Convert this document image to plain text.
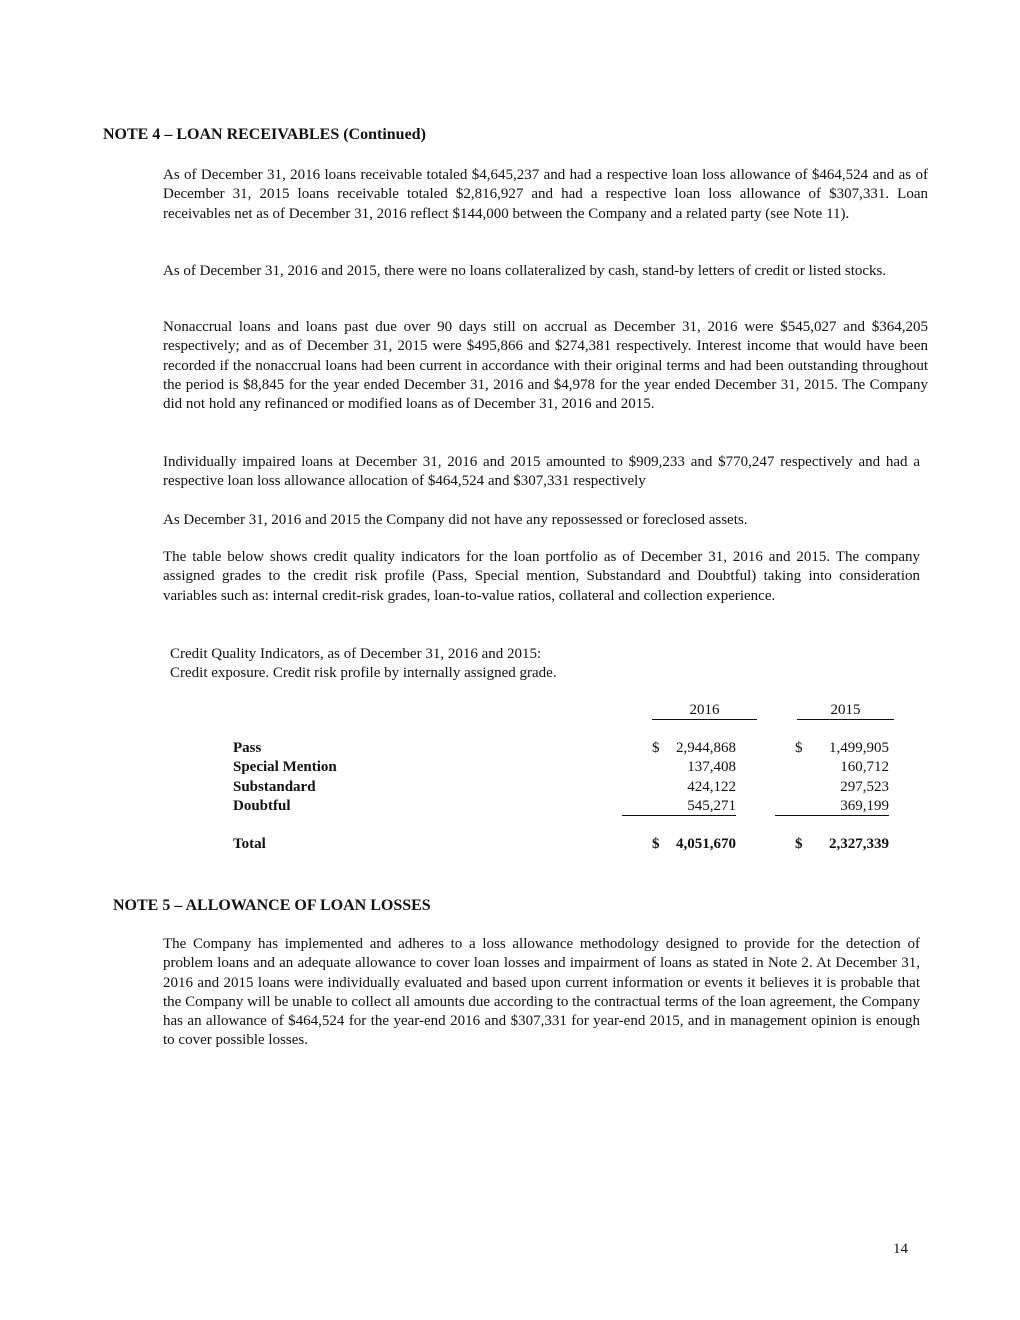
NOTE 4 – LOAN RECEIVABLES (Continued)

As of December 31, 2016 loans receivable totaled $4,645,237 and had a respective loan loss allowance of $464,524 and as of December 31, 2015 loans receivable totaled $2,816,927 and had a respective loan loss allowance of $307,331. Loan receivables net as of December 31, 2016 reflect $144,000 between the Company and a related party (see Note 11).

As of December 31, 2016 and 2015, there were no loans collateralized by cash, stand-by letters of credit or listed stocks.

Nonaccrual loans and loans past due over 90 days still on accrual as December 31, 2016 were $545,027 and $364,205 respectively; and as of December 31, 2015 were $495,866 and $274,381 respectively. Interest income that would have been recorded if the nonaccrual loans had been current in accordance with their original terms and had been outstanding throughout the period is $8,845 for the year ended December 31, 2016 and $4,978 for the year ended December 31, 2015. The Company did not hold any refinanced or modified loans as of December 31, 2016 and 2015.

Individually impaired loans at December 31, 2016 and 2015 amounted to $909,233 and $770,247 respectively and had a respective loan loss allowance allocation of $464,524 and $307,331 respectively

As December 31, 2016 and 2015 the Company did not have any repossessed or foreclosed assets.

The table below shows credit quality indicators for the loan portfolio as of December 31, 2016 and 2015. The company assigned grades to the credit risk profile (Pass, Special mention, Substandard and Doubtful) taking into consideration variables such as: internal credit-risk grades, loan-to-value ratios, collateral and collection experience.

Credit Quality Indicators, as of December 31, 2016 and 2015:
Credit exposure. Credit risk profile by internally assigned grade.
2016	2015
Pass	$	2,944,868	$	1,499,905
Special Mention	137,408	160,712
Substandard	424,122	297,523
Doubtful	545,271	369,199
Total	$	4,051,670	$	2,327,339
NOTE 5 – ALLOWANCE OF LOAN LOSSES

The Company has implemented and adheres to a loss allowance methodology designed to provide for the detection of problem loans and an adequate allowance to cover loan losses and impairment of loans as stated in Note 2. At December 31, 2016 and 2015 loans were individually evaluated and based upon current information or events it believes it is probable that the Company will be unable to collect all amounts due according to the contractual terms of the loan agreement, the Company has an allowance of $464,524 for the year-end 2016 and $307,331 for year-end 2015, and in management opinion is enough to cover possible losses.

14
